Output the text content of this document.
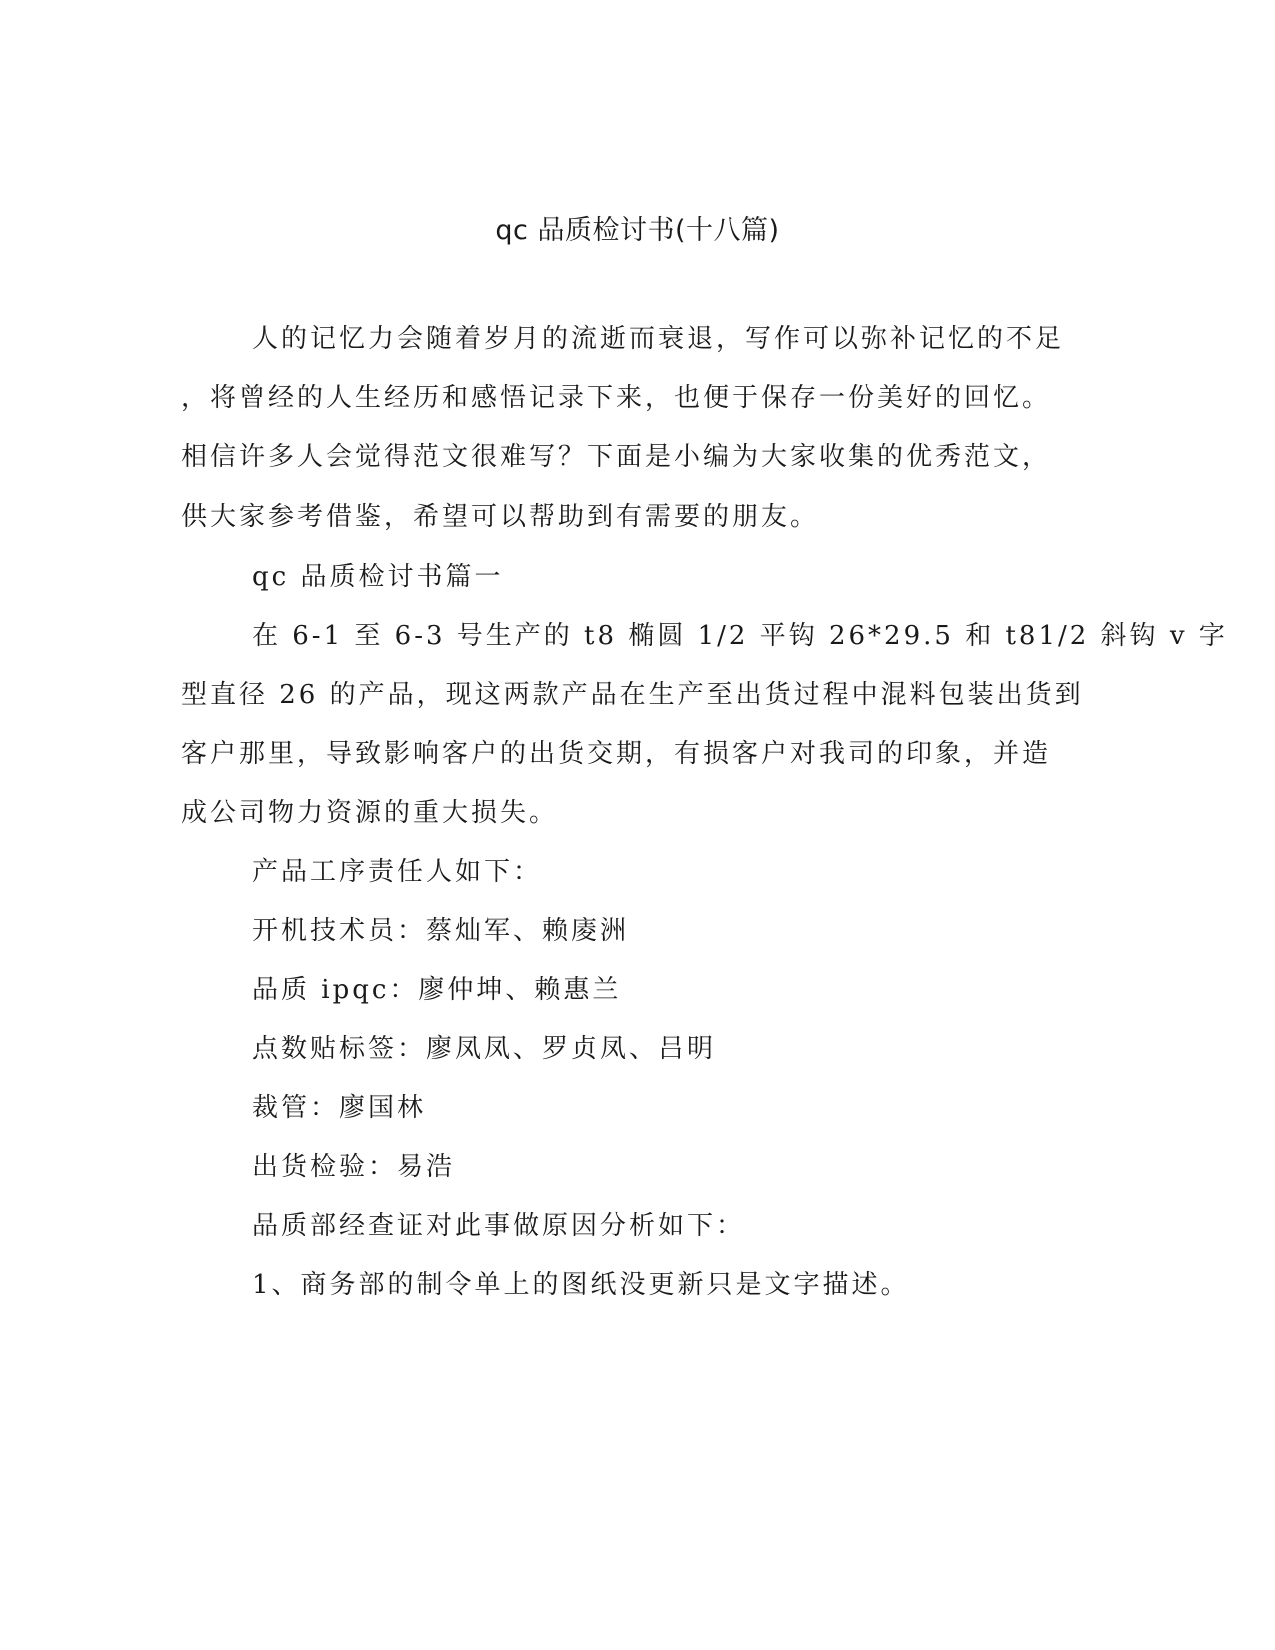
qc 品质检讨书(十八篇)
人的记忆力会随着岁月的流逝而衰退，写作可以弥补记忆的不足
，将曾经的人生经历和感悟记录下来，也便于保存一份美好的回忆。
相信许多人会觉得范文很难写？下面是小编为大家收集的优秀范文，
供大家参考借鉴，希望可以帮助到有需要的朋友。
qc 品质检讨书篇一
在 6-1 至 6-3 号生产的 t8 椭圆 1/2 平钩 26*29.5 和 t81/2 斜钩 v 字
型直径 26 的产品，现这两款产品在生产至出货过程中混料包装出货到
客户那里，导致影响客户的出货交期，有损客户对我司的印象，并造
成公司物力资源的重大损失。
产品工序责任人如下：
开机技术员：蔡灿军、赖庱洲
品质 ipqc：廖仲坤、赖惠兰
点数贴标签：廖凤凤、罗贞凤、吕明
裁管：廖国林
出货检验：易浩
品质部经查证对此事做原因分析如下：
1、商务部的制令单上的图纸没更新只是文字描述。
